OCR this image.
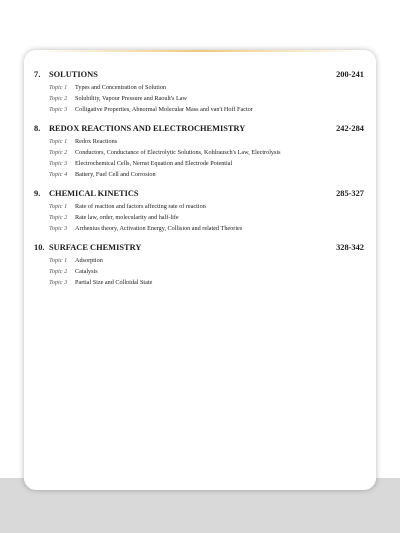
7. SOLUTIONS	200-241
Topic 1	Types and Concentration of Solution
Topic 2	Solubility, Vapour Pressure and Raoult's Law
Topic 3	Colligative Properties, Abnormal Molecular Mass and van't Hoff Factor
8. REDOX REACTIONS AND ELECTROCHEMISTRY	242-284
Topic 1	Redox Reactions
Topic 2	Conductors, Conductance of Electrolytic Solutions, Kohlrausch's Law, Electrolysis
Topic 3	Electrochemical Cells, Nernst Equation and Electrode Potential
Topic 4	Battery, Fuel Cell and Corrosion
9. CHEMICAL KINETICS	285-327
Topic 1	Rate of reaction and factors affecting rate of reaction
Topic 2	Rate law, order, molecularity and half-life
Topic 3	Arrhenius theory, Activation Energy, Collision and related Theories
10. SURFACE CHEMISTRY	328-342
Topic 1	Adsorption
Topic 2	Catalysis
Topic 3	Partial Size and Colloidal State
